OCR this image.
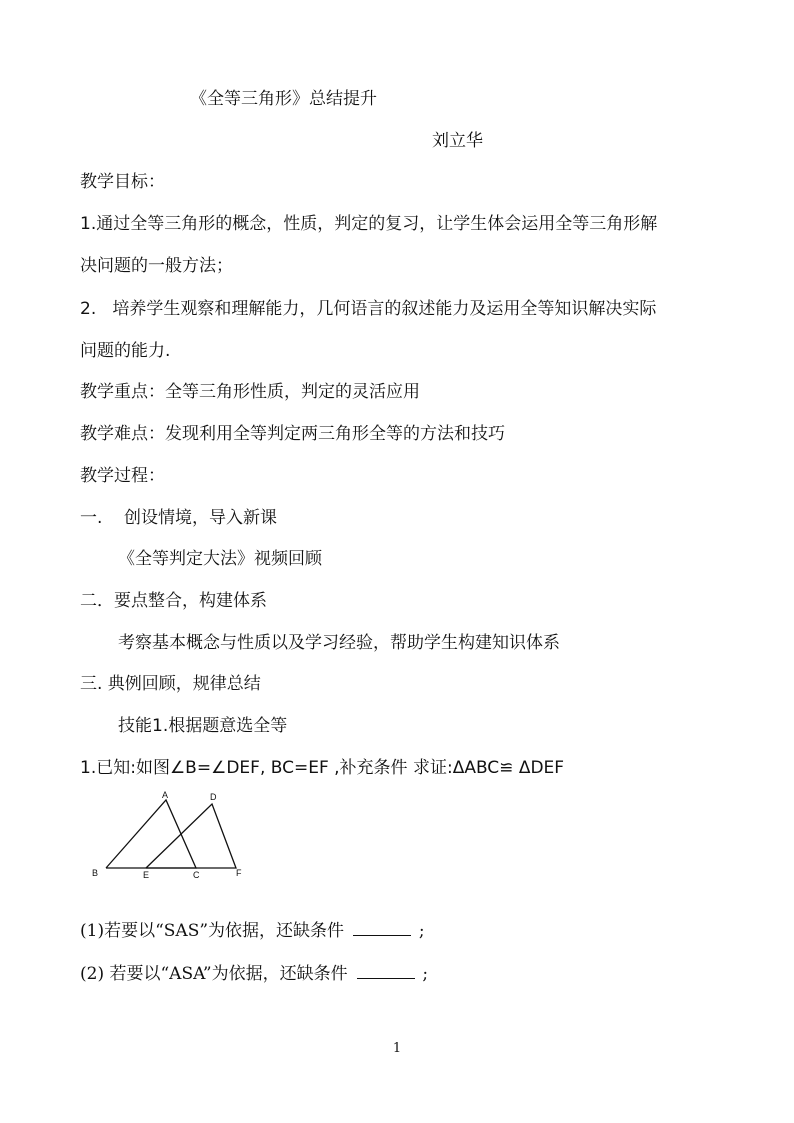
《全等三角形》总结提升
刘立华
教学目标：
1.通过全等三角形的概念，性质，判定的复习，让学生体会运用全等三角形解
决问题的一般方法；
2.   培养学生观察和理解能力，几何语言的叙述能力及运用全等知识解决实际
问题的能力.
教学重点：全等三角形性质，判定的灵活应用
教学难点：发现利用全等判定两三角形全等的方法和技巧
教学过程：
一.    创设情境，导入新课
《全等判定大法》视频回顾
二．要点整合，构建体系
考察基本概念与性质以及学习经验，帮助学生构建知识体系
三. 典例回顾，规律总结
技能1.根据题意选全等
1.已知:如图∠B=∠DEF, BC=EF ,补充条件 求证:ΔABC≌ ΔDEF
A	D
B	E	C	F
(1)若要以“SAS”为依据，还缺条件	;
(2) 若要以“ASA”为依据，还缺条件	;
1
